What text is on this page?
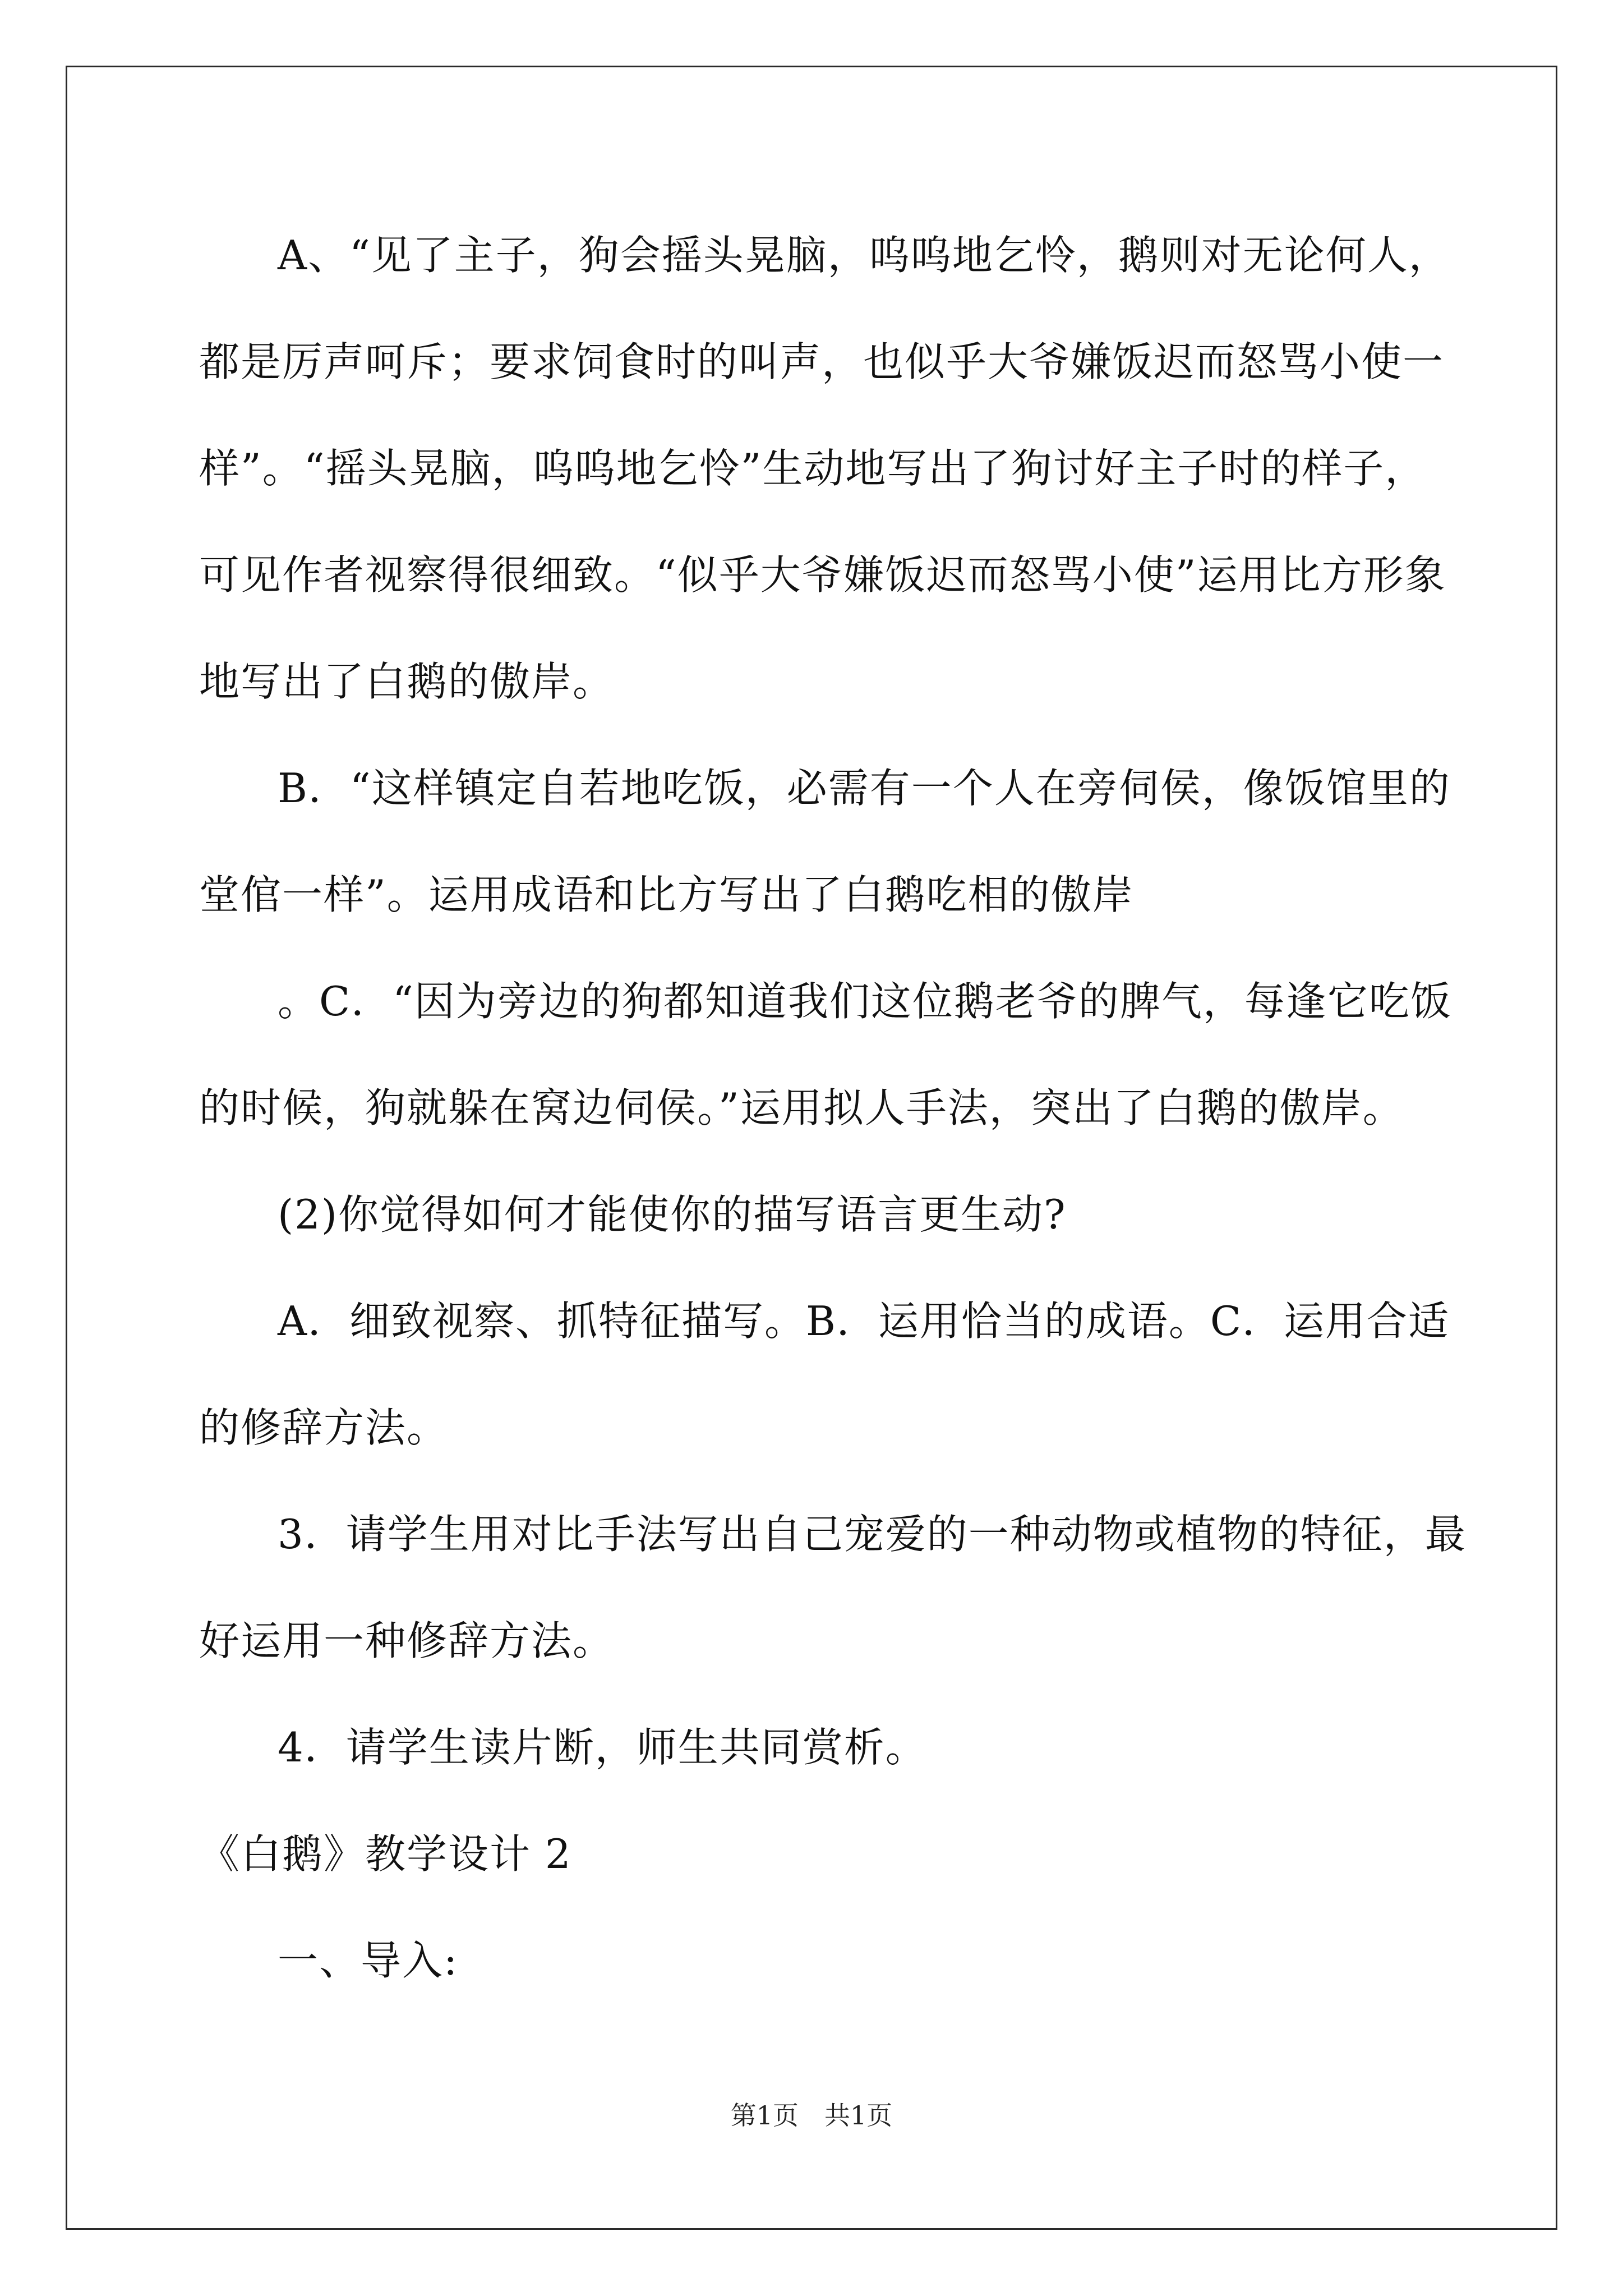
A、“见了主子，狗会摇头晃脑，呜呜地乞怜，鹅则对无论何人，都是厉声呵斥；要求饲食时的叫声，也似乎大爷嫌饭迟而怒骂小使一样”。“摇头晃脑，呜呜地乞怜”生动地写出了狗讨好主子时的样子，可见作者视察得很细致。“似乎大爷嫌饭迟而怒骂小使”运用比方形象地写出了白鹅的傲岸。

B．“这样镇定自若地吃饭，必需有一个人在旁伺侯，像饭馆里的堂倌一样”。运用成语和比方写出了白鹅吃相的傲岸

。C．“因为旁边的狗都知道我们这位鹅老爷的脾气，每逢它吃饭的时候，狗就躲在窝边伺侯。”运用拟人手法，突出了白鹅的傲岸。

(2)你觉得如何才能使你的描写语言更生动?

A．细致视察、抓特征描写。B．运用恰当的成语。C．运用合适的修辞方法。

3．请学生用对比手法写出自己宠爱的一种动物或植物的特征，最好运用一种修辞方法。

4．请学生读片断，师生共同赏析。

《白鹅》教学设计 2

一、导入:

第1页　共1页
